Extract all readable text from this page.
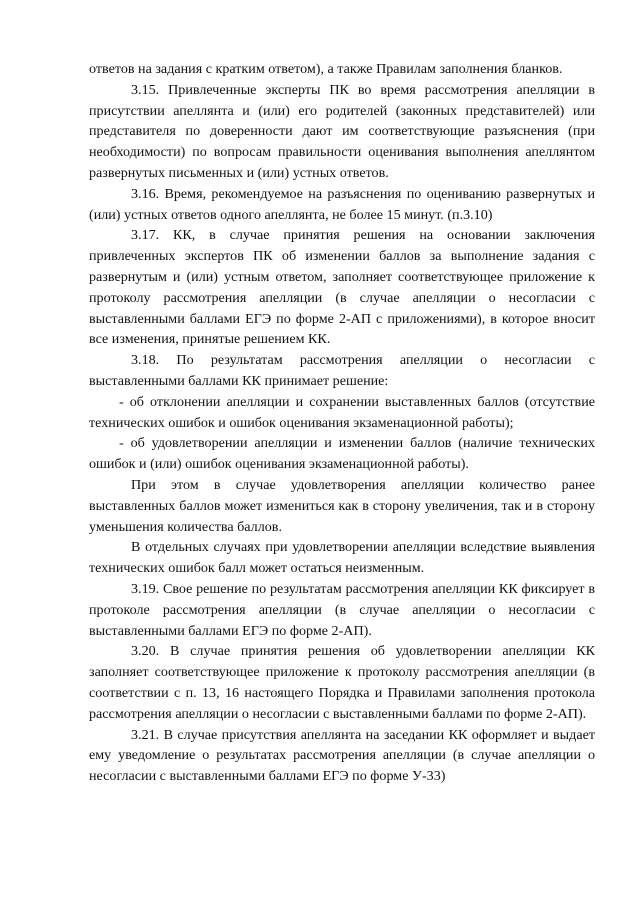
ответов на задания с кратким ответом), а также Правилам заполнения бланков.

3.15. Привлеченные эксперты ПК во время рассмотрения апелляции в присутствии апеллянта и (или) его родителей (законных представителей) или представителя по доверенности дают им соответствующие разъяснения (при необходимости) по вопросам правильности оценивания выполнения апеллянтом развернутых письменных и (или) устных ответов.

3.16. Время, рекомендуемое на разъяснения по оцениванию развернутых и (или) устных ответов одного апеллянта, не более 15 минут. (п.3.10)

3.17. КК, в случае принятия решения на основании заключения привлеченных экспертов ПК об изменении баллов за выполнение задания с развернутым и (или) устным ответом, заполняет соответствующее приложение к протоколу рассмотрения апелляции (в случае апелляции о несогласии с выставленными баллами ЕГЭ по форме 2-АП с приложениями), в которое вносит все изменения, принятые решением КК.

3.18. По результатам рассмотрения апелляции о несогласии с выставленными баллами КК принимает решение:

- об отклонении апелляции и сохранении выставленных баллов (отсутствие технических ошибок и ошибок оценивания экзаменационной работы);

- об удовлетворении апелляции и изменении баллов (наличие технических ошибок и (или) ошибок оценивания экзаменационной работы).

При этом в случае удовлетворения апелляции количество ранее выставленных баллов может измениться как в сторону увеличения, так и в сторону уменьшения количества баллов.

В отдельных случаях при удовлетворении апелляции вследствие выявления технических ошибок балл может остаться неизменным.

3.19. Свое решение по результатам рассмотрения апелляции КК фиксирует в протоколе рассмотрения апелляции (в случае апелляции о несогласии с выставленными баллами ЕГЭ по форме 2-АП).

3.20. В случае принятия решения об удовлетворении апелляции КК заполняет соответствующее приложение к протоколу рассмотрения апелляции (в соответствии с п. 13, 16 настоящего Порядка и Правилами заполнения протокола рассмотрения апелляции о несогласии с выставленными баллами по форме 2-АП).

3.21. В случае присутствия апеллянта на заседании КК оформляет и выдает ему уведомление о результатах рассмотрения апелляции (в случае апелляции о несогласии с выставленными баллами ЕГЭ по форме У-33)
